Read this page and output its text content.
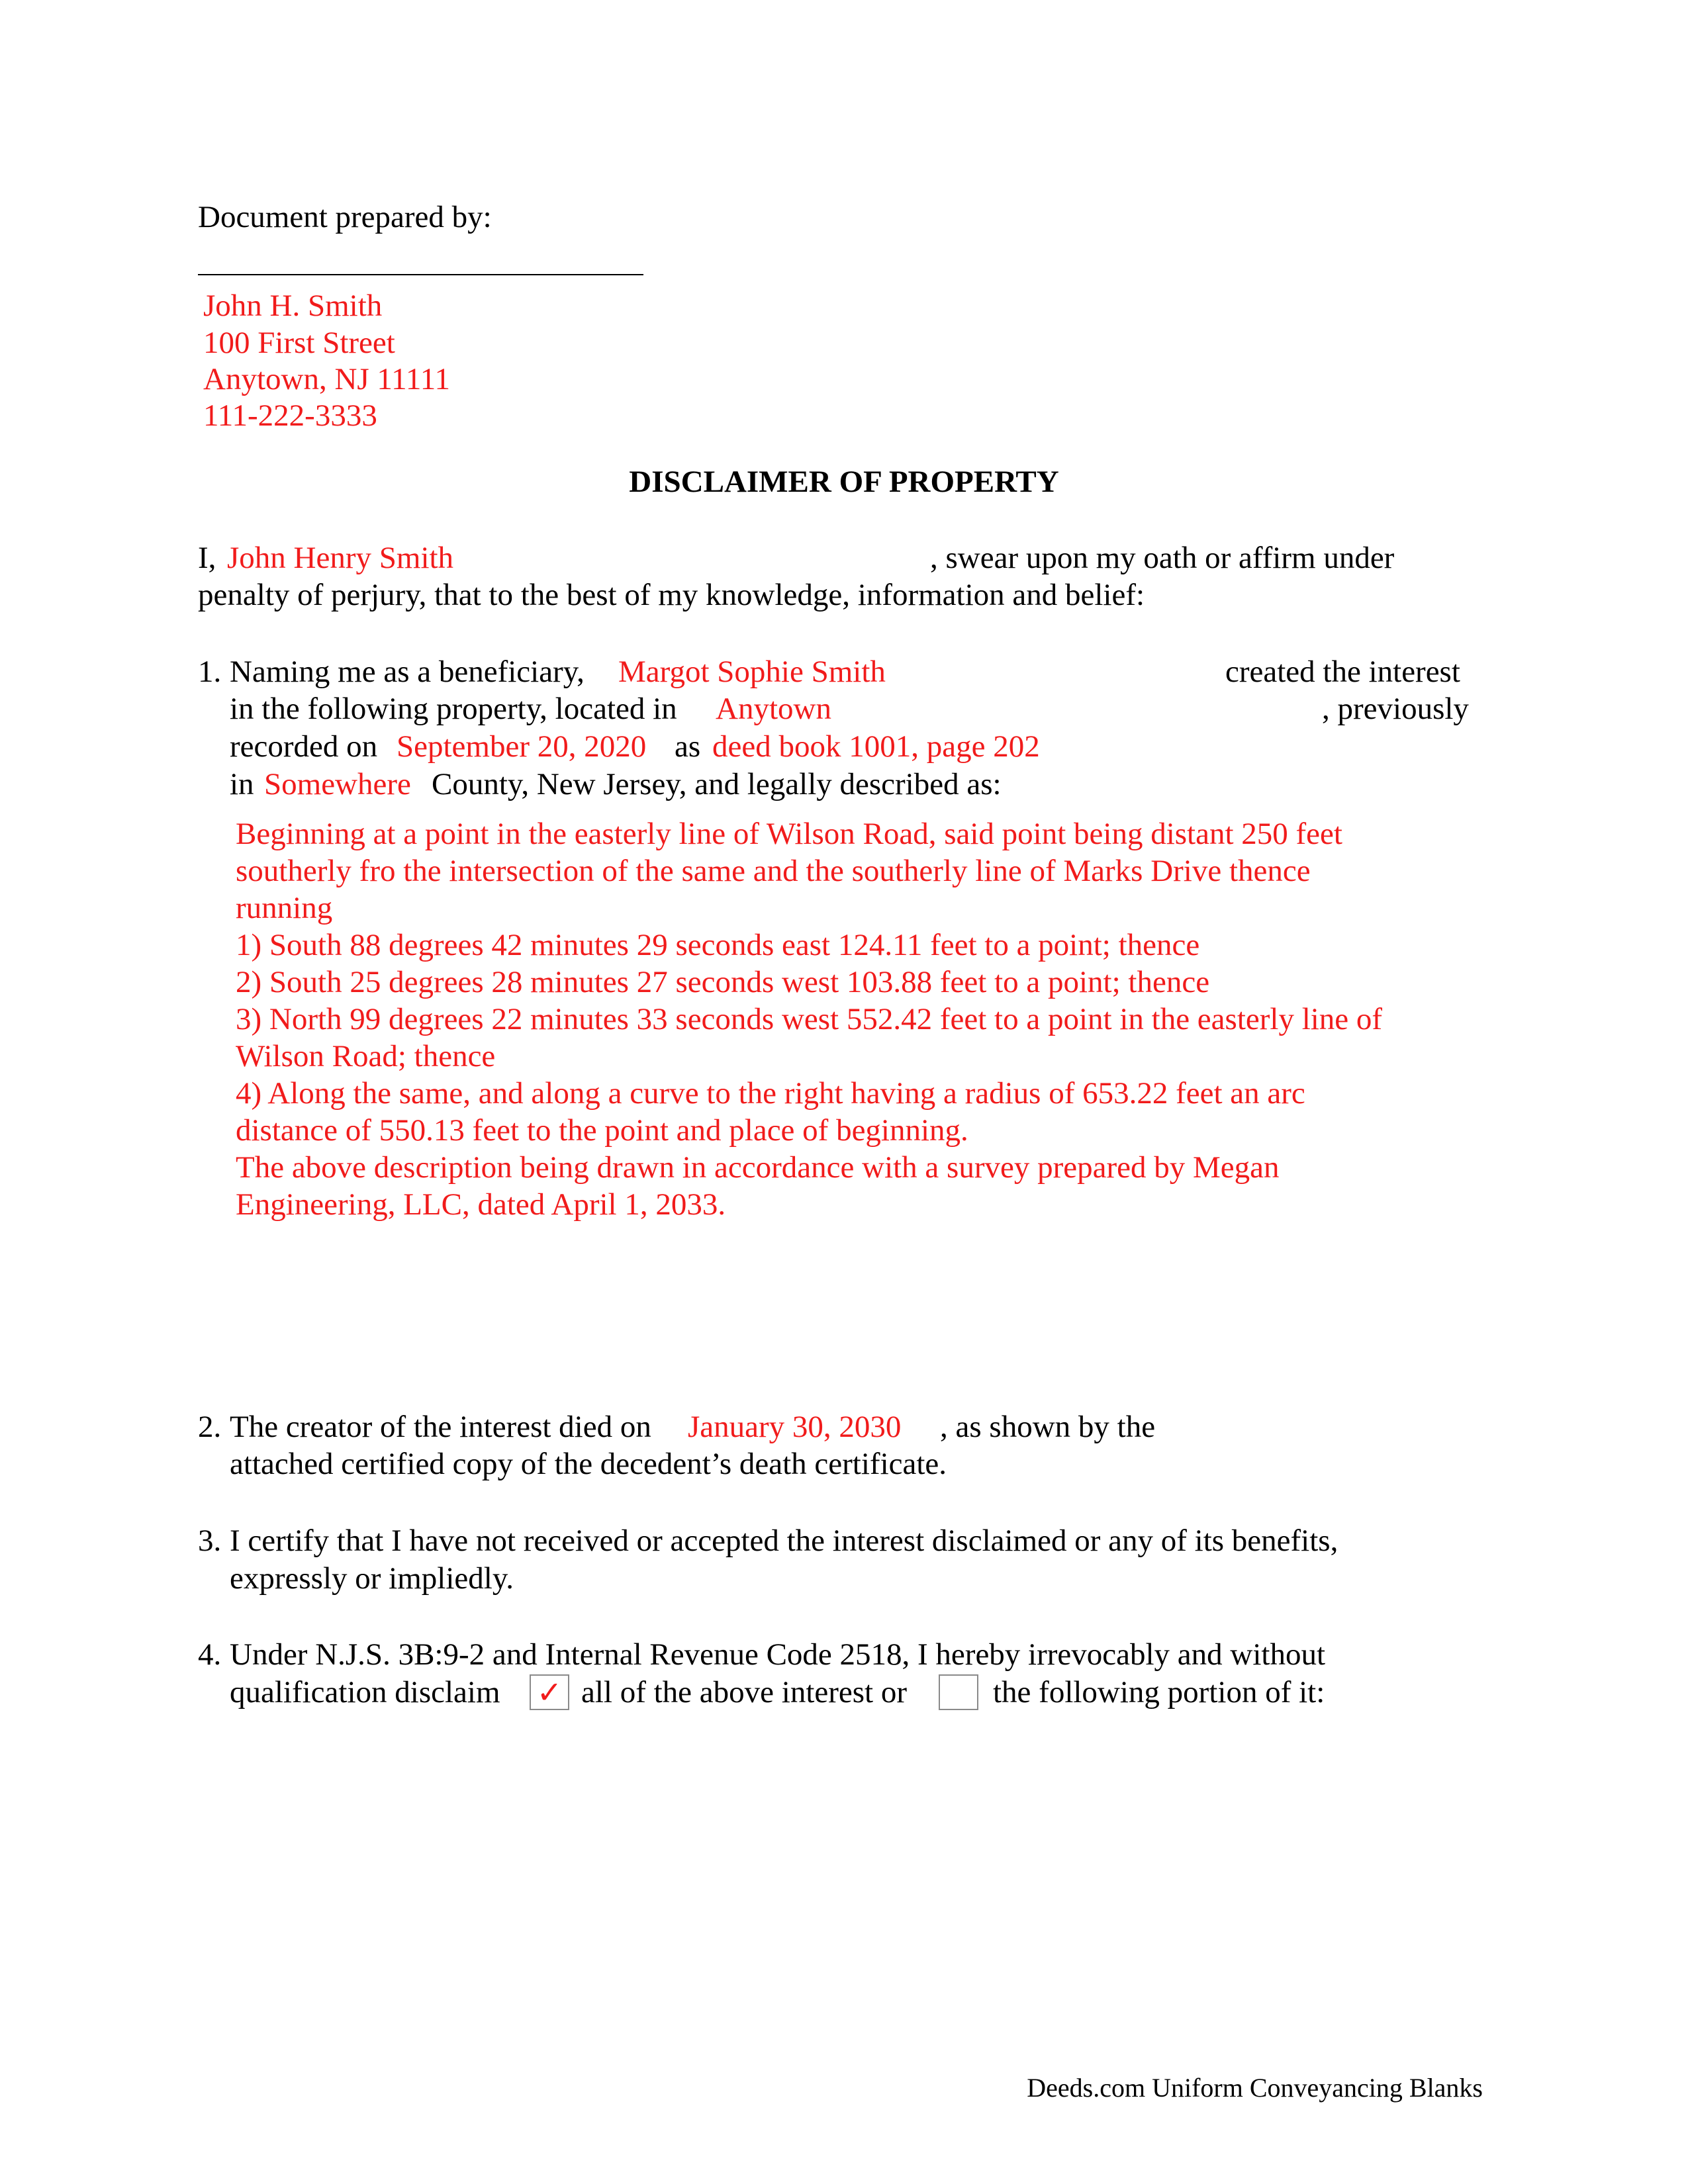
Document prepared by:
John H. Smith
100 First Street
Anytown, NJ 11111
111-222-3333
DISCLAIMER OF PROPERTY
I, John Henry Smith	, swear upon my oath or affirm under
penalty of perjury, that to the best of my knowledge, information and belief:
1. Naming me as a beneficiary, Margot Sophie Smith	created the interest
in the following property, located in Anytown	, previously
recorded on September 20, 2020 as deed book 1001, page 202
in Somewhere County, New Jersey, and legally described as:
Beginning at a point in the easterly line of Wilson Road, said point being distant 250 feet
southerly fro the intersection of the same and the southerly line of Marks Drive thence
running
1) South 88 degrees 42 minutes 29 seconds east 124.11 feet to a point; thence
2) South 25 degrees 28 minutes 27 seconds west 103.88 feet to a point; thence
3) North 99 degrees 22 minutes 33 seconds west 552.42 feet to a point in the easterly line of
Wilson Road; thence
4) Along the same, and along a curve to the right having a radius of 653.22 feet an arc
distance of 550.13 feet to the point and place of beginning.
The above description being drawn in accordance with a survey prepared by Megan
Engineering, LLC, dated April 1, 2033.
2. The creator of the interest died on January 30, 2030 , as shown by the
attached certified copy of the decedent’s death certificate.
3. I certify that I have not received or accepted the interest disclaimed or any of its benefits,
expressly or impliedly.
4. Under N.J.S. 3B:9-2 and Internal Revenue Code 2518, I hereby irrevocably and without
qualification disclaim ✓ all of the above interest or	the following portion of it:
Deeds.com Uniform Conveyancing Blanks
